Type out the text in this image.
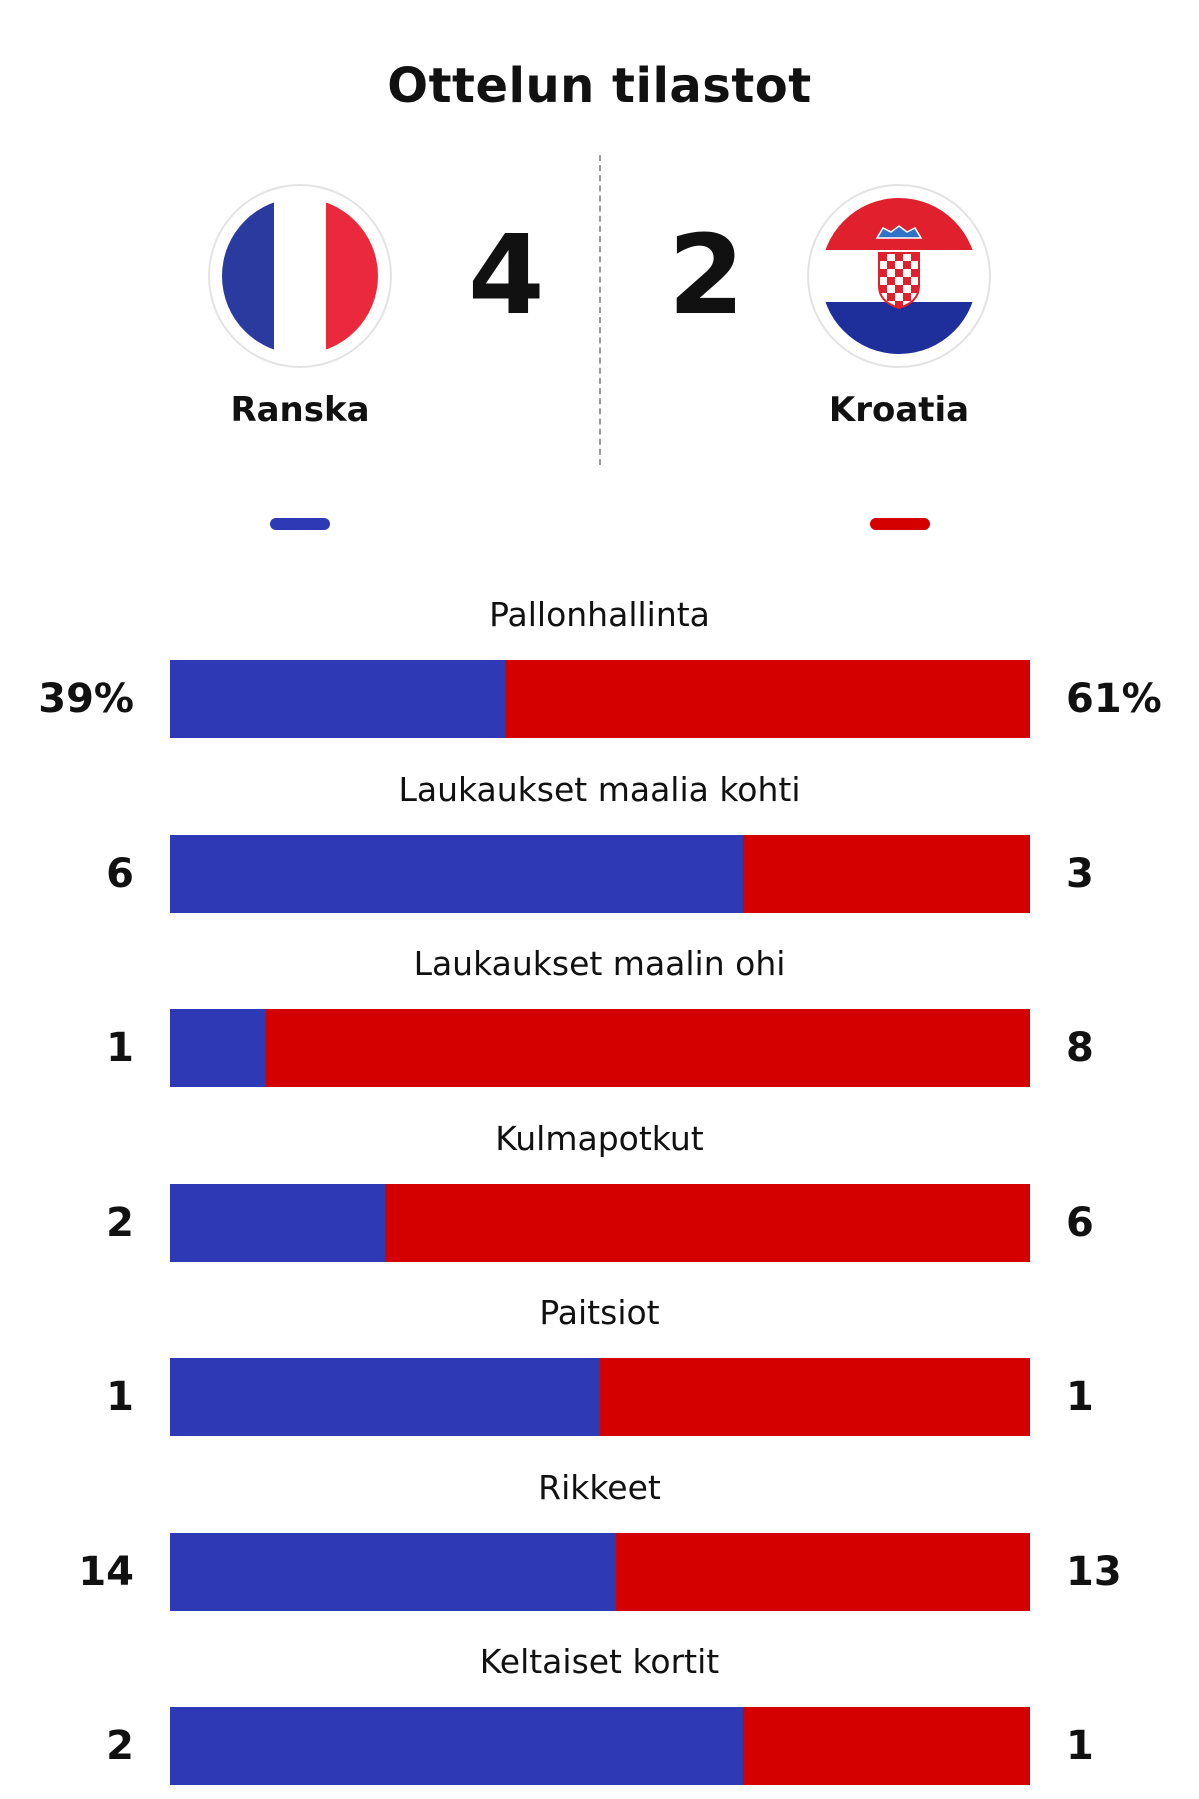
Ottelun tilastot
4
Ranska
2
Kroatia
Pallonhallinta
39%	61%
Laukaukset maalia kohti
6	3
Laukaukset maalin ohi
1	8
Kulmapotkut
2	6
Paitsiot
1	1
Rikkeet
14	13
Keltaiset kortit
2	1
